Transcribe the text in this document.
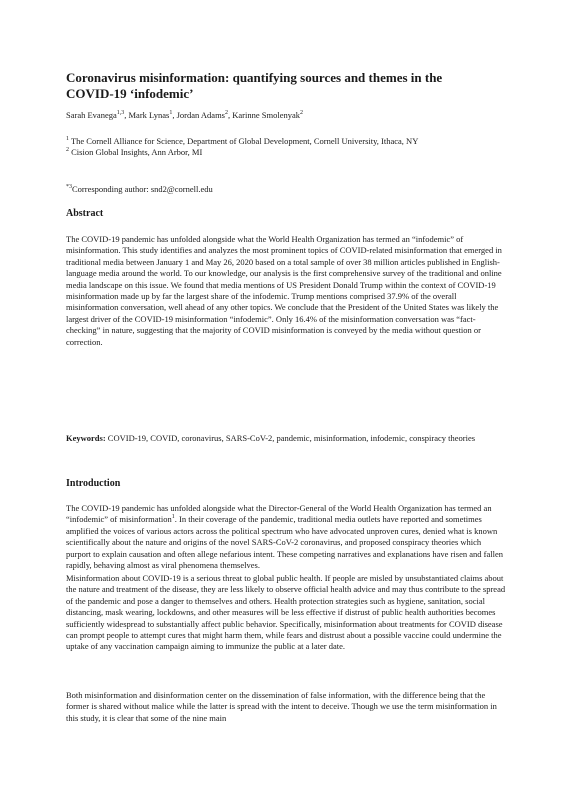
Coronavirus misinformation: quantifying sources and themes in the COVID-19 ‘infodemic’
Sarah Evanega$^{1,3}$, Mark Lynas$^1$, Jordan Adams$^2$, Karinne Smolenyak$^2$

$^1$ The Cornell Alliance for Science, Department of Global Development, Cornell University, Ithaca, NY

$^2$ Cision Global Insights, Ann Arbor, MI

$^{*3}$Corresponding author: snd2@cornell.edu
Abstract

The COVID-19 pandemic has unfolded alongside what the World Health Organization has termed an “infodemic” of misinformation. This study identifies and analyzes the most prominent topics of COVID-related misinformation that emerged in traditional media between January 1 and May 26, 2020 based on a total sample of over 38 million articles published in English-language media around the world. To our knowledge, our analysis is the first comprehensive survey of the traditional and online media landscape on this issue. We found that media mentions of US President Donald Trump within the context of COVID-19 misinformation made up by far the largest share of the infodemic. Trump mentions comprised 37.9% of the overall misinformation conversation, well ahead of any other topics. We conclude that the President of the United States was likely the largest driver of the COVID-19 misinformation “infodemic”. Only 16.4% of the misinformation conversation was “fact-checking” in nature, suggesting that the majority of COVID misinformation is conveyed by the media without question or correction.

Keywords: COVID-19, COVID, coronavirus, SARS-CoV-2, pandemic, misinformation, infodemic, conspiracy theories

Introduction

The COVID-19 pandemic has unfolded alongside what the Director-General of the World Health Organization has termed an “infodemic” of misinformation$^1$. In their coverage of the pandemic, traditional media outlets have reported and sometimes amplified the voices of various actors across the political spectrum who have advocated unproven cures, denied what is known scientifically about the nature and origins of the novel SARS-CoV-2 coronavirus, and proposed conspiracy theories which purport to explain causation and often allege nefarious intent. These competing narratives and explanations have risen and fallen rapidly, behaving almost as viral phenomena themselves.

Misinformation about COVID-19 is a serious threat to global public health. If people are misled by unsubstantiated claims about the nature and treatment of the disease, they are less likely to observe official health advice and may thus contribute to the spread of the pandemic and pose a danger to themselves and others. Health protection strategies such as hygiene, sanitation, social distancing, mask wearing, lockdowns, and other measures will be less effective if distrust of public health authorities becomes sufficiently widespread to substantially affect public behavior. Specifically, misinformation about treatments for COVID disease can prompt people to attempt cures that might harm them, while fears and distrust about a possible vaccine could undermine the uptake of any vaccination campaign aiming to immunize the public at a later date.

Both misinformation and disinformation center on the dissemination of false information, with the difference being that the former is shared without malice while the latter is spread with the intent to deceive. Though we use the term misinformation in this study, it is clear that some of the nine main
